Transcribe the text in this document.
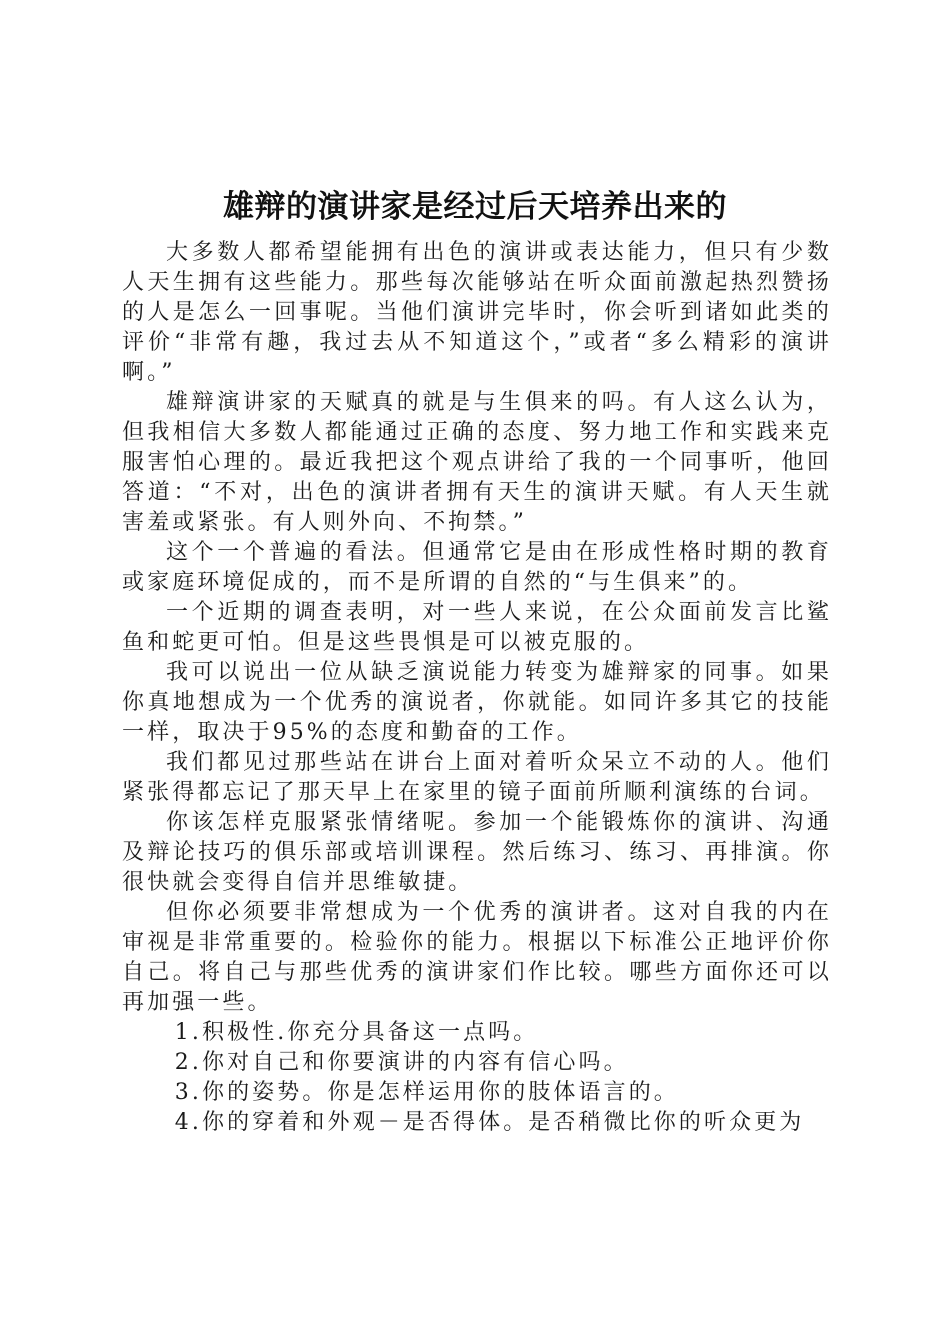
雄辩的演讲家是经过后天培养出来的

大多数人都希望能拥有出色的演讲或表达能力，但只有少数人天生拥有这些能力。那些每次能够站在听众面前激起热烈赞扬的人是怎么一回事呢。当他们演讲完毕时，你会听到诸如此类的评价“非常有趣，我过去从不知道这个，”或者“多么精彩的演讲啊。”

雄辩演讲家的天赋真的就是与生俱来的吗。有人这么认为，但我相信大多数人都能通过正确的态度、努力地工作和实践来克服害怕心理的。最近我把这个观点讲给了我的一个同事听，他回答道：“不对，出色的演讲者拥有天生的演讲天赋。有人天生就害羞或紧张。有人则外向、不拘禁。”

这个一个普遍的看法。但通常它是由在形成性格时期的教育或家庭环境促成的，而不是所谓的自然的“与生俱来”的。

一个近期的调查表明，对一些人来说，在公众面前发言比鲨鱼和蛇更可怕。但是这些畏惧是可以被克服的。

我可以说出一位从缺乏演说能力转变为雄辩家的同事。如果你真地想成为一个优秀的演说者，你就能。如同许多其它的技能一样，取决于95%的态度和勤奋的工作。

我们都见过那些站在讲台上面对着听众呆立不动的人。他们紧张得都忘记了那天早上在家里的镜子面前所顺利演练的台词。

你该怎样克服紧张情绪呢。参加一个能锻炼你的演讲、沟通及辩论技巧的俱乐部或培训课程。然后练习、练习、再排演。你很快就会变得自信并思维敏捷。

但你必须要非常想成为一个优秀的演讲者。这对自我的内在审视是非常重要的。检验你的能力。根据以下标准公正地评价你自己。将自己与那些优秀的演讲家们作比较。哪些方面你还可以再加强一些。

1.积极性.你充分具备这一点吗。

2.你对自己和你要演讲的内容有信心吗。

3.你的姿势。你是怎样运用你的肢体语言的。

4.你的穿着和外观－是否得体。是否稍微比你的听众更为
